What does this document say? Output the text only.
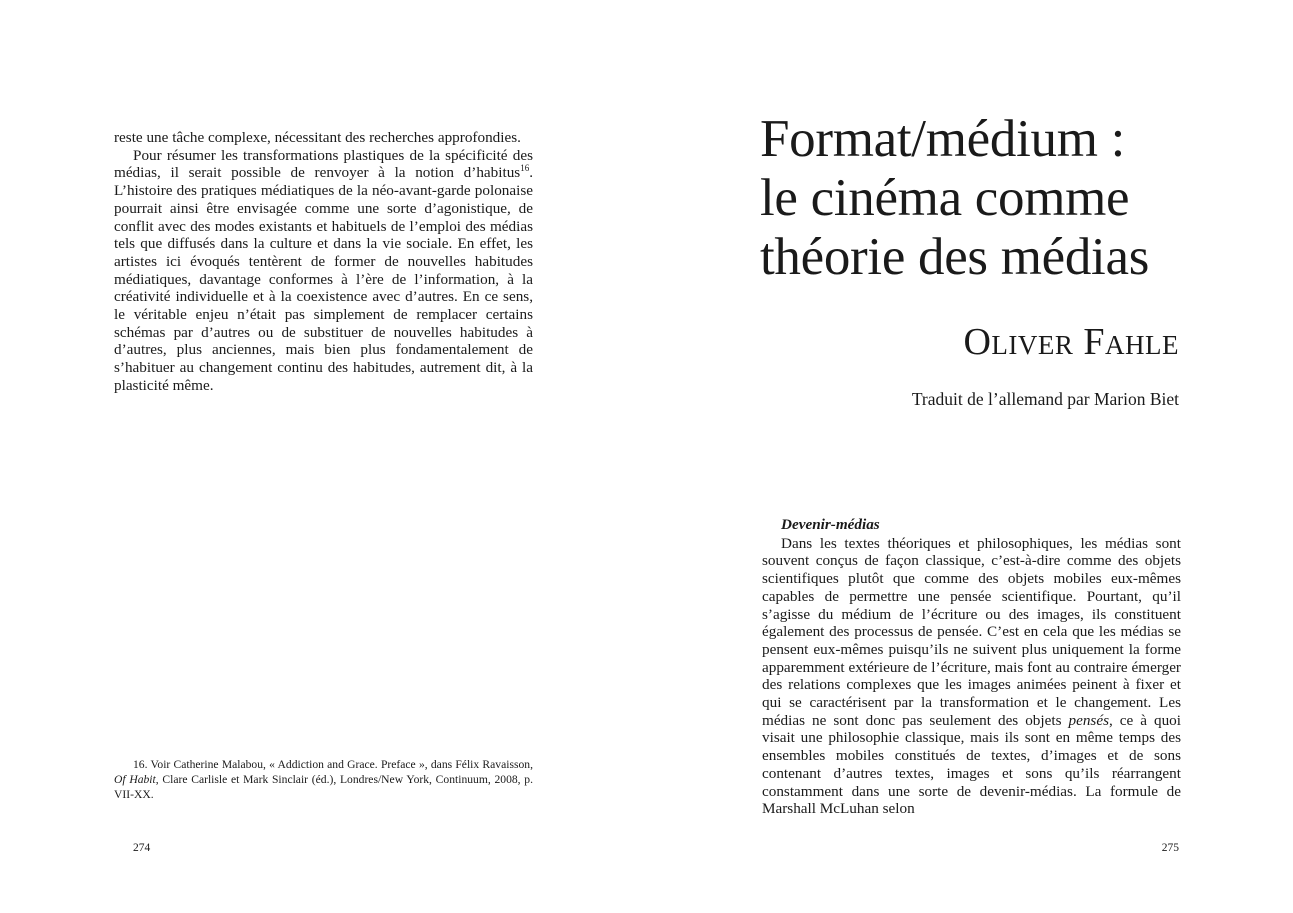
reste une tâche complexe, nécessitant des recherches approfondies.

Pour résumer les transformations plastiques de la spécificité des médias, il serait possible de renvoyer à la notion d’habitus$^{16}$. L’histoire des pratiques médiatiques de la néo-avant-garde polonaise pourrait ainsi être envisagée comme une sorte d’agonistique, de conflit avec des modes existants et habituels de l’emploi des médias tels que diffusés dans la culture et dans la vie sociale. En effet, les artistes ici évoqués tentèrent de former de nouvelles habitudes médiatiques, davantage conformes à l’ère de l’information, à la créativité individuelle et à la coexistence avec d’autres. En ce sens, le véritable enjeu n’était pas simplement de remplacer certains schémas par d’autres ou de substituer de nouvelles habitudes à d’autres, plus anciennes, mais bien plus fondamentalement de s’habituer au changement continu des habitudes, autrement dit, à la plasticité même.

16. Voir Catherine Malabou, « Addiction and Grace. Preface », dans Félix Ravaisson, Of Habit, Clare Carlisle et Mark Sinclair (éd.), Londres/New York, Continuum, 2008, p. VII-XX.

274
Format/médium :
le cinéma comme
théorie des médias
Oliver Fahle
Traduit de l’allemand par Marion Biet
Devenir-médias

Dans les textes théoriques et philosophiques, les médias sont souvent conçus de façon classique, c’est-à-dire comme des objets scientifiques plutôt que comme des objets mobiles eux-mêmes capables de permettre une pensée scientifique. Pourtant, qu’il s’agisse du médium de l’écriture ou des images, ils constituent également des processus de pensée. C’est en cela que les médias se pensent eux-mêmes puisqu’ils ne suivent plus uniquement la forme apparemment extérieure de l’écriture, mais font au contraire émerger des relations complexes que les images animées peinent à fixer et qui se caractérisent par la transformation et le changement. Les médias ne sont donc pas seulement des objets pensés, ce à quoi visait une philosophie classique, mais ils sont en même temps des ensembles mobiles constitués de textes, d’images et de sons contenant d’autres textes, images et sons qu’ils réarrangent constamment dans une sorte de devenir-médias. La formule de Marshall McLuhan selon

275
